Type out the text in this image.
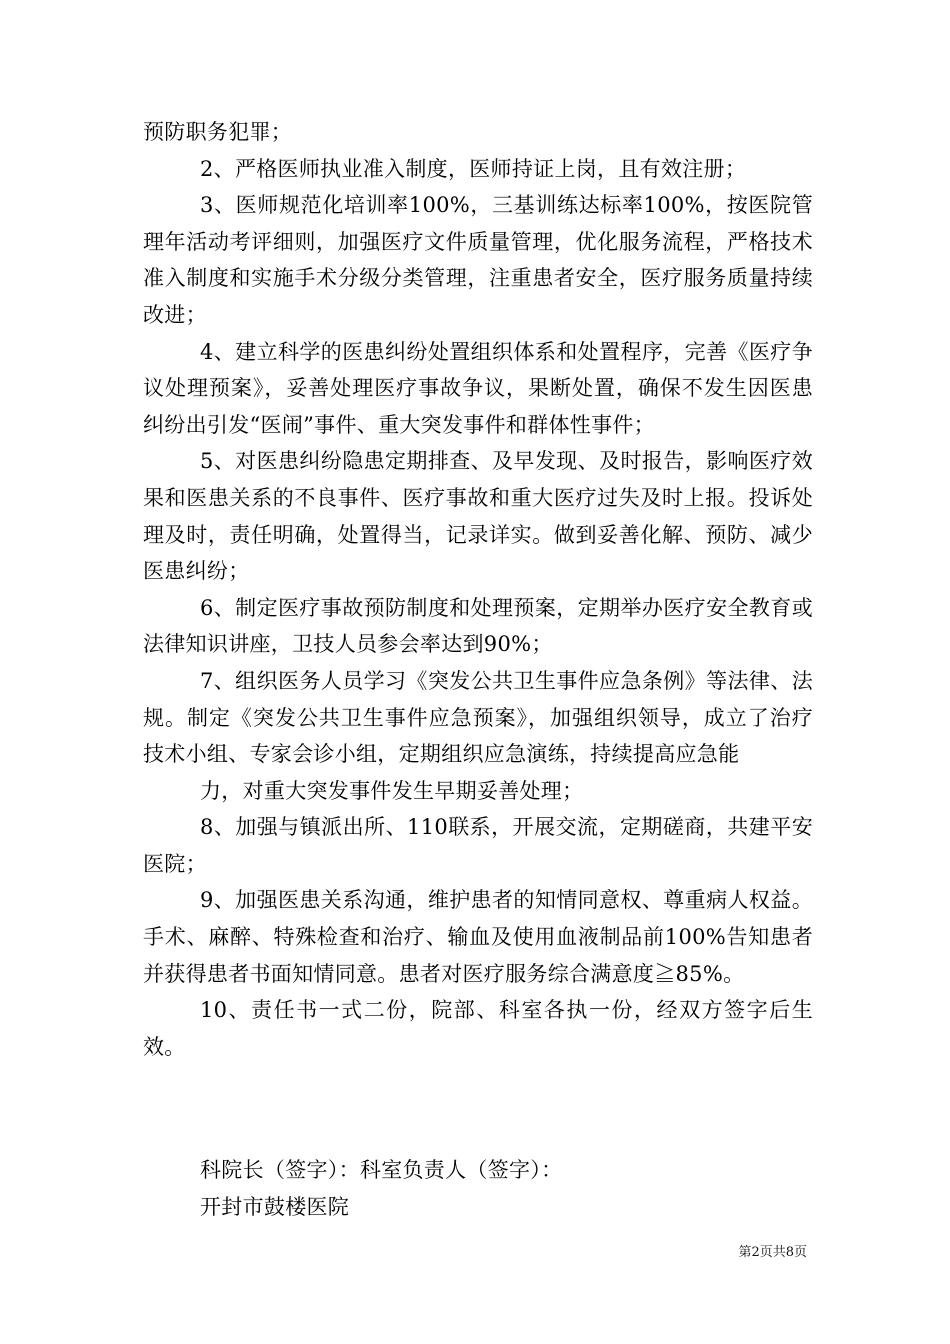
预防职务犯罪；

2、严格医师执业准入制度，医师持证上岗，且有效注册；

3、医师规范化培训率100%，三基训练达标率100%，按医院管理年活动考评细则，加强医疗文件质量管理，优化服务流程，严格技术准入制度和实施手术分级分类管理，注重患者安全，医疗服务质量持续改进；

4、建立科学的医患纠纷处置组织体系和处置程序，完善《医疗争议处理预案》，妥善处理医疗事故争议，果断处置，确保不发生因医患纠纷出引发“医闹”事件、重大突发事件和群体性事件；

5、对医患纠纷隐患定期排查、及早发现、及时报告，影响医疗效果和医患关系的不良事件、医疗事故和重大医疗过失及时上报。投诉处理及时，责任明确，处置得当，记录详实。做到妥善化解、预防、减少医患纠纷；

6、制定医疗事故预防制度和处理预案，定期举办医疗安全教育或法律知识讲座，卫技人员参会率达到90%；

7、组织医务人员学习《突发公共卫生事件应急条例》等法律、法规。制定《突发公共卫生事件应急预案》，加强组织领导，成立了治疗技术小组、专家会诊小组，定期组织应急演练，持续提高应急能

力，对重大突发事件发生早期妥善处理；

8、加强与镇派出所、110联系，开展交流，定期磋商，共建平安医院；

9、加强医患关系沟通，维护患者的知情同意权、尊重病人权益。手术、麻醉、特殊检查和治疗、输血及使用血液制品前100%告知患者并获得患者书面知情同意。患者对医疗服务综合满意度≧85%。

10、责任书一式二份，院部、科室各执一份，经双方签字后生效。

科院长（签字）：科室负责人（签字）：
开封市鼓楼医院
第2页共8页
